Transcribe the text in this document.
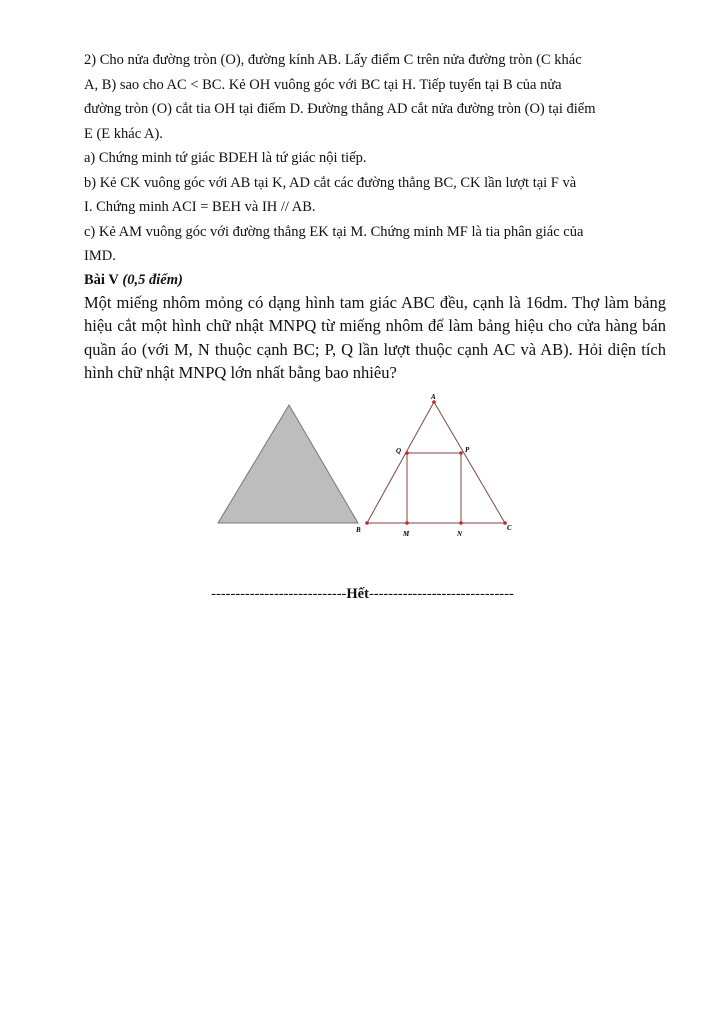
2) Cho nửa đường tròn (O), đường kính AB. Lấy điểm C trên nửa đường tròn (C khác

A, B) sao cho AC < BC. Kẻ OH vuông góc với BC tại H. Tiếp tuyến tại B của nửa

đường tròn (O) cắt tia OH tại điểm D. Đường thẳng AD cắt nửa đường tròn (O) tại điểm

E (E khác A).

a) Chứng minh tứ giác BDEH là tứ giác nội tiếp.

b) Kẻ CK vuông góc với AB tại K, AD cắt các đường thẳng BC, CK lần lượt tại F và

I. Chứng minh ACI = BEH và IH // AB.

c) Kẻ AM vuông góc với đường thẳng EK tại M. Chứng minh MF là tia phân giác của

IMD.

Bài V (0,5 điểm)

Một miếng nhôm mỏng có dạng hình tam giác ABC đều, cạnh là 16dm. Thợ làm bảng hiệu cắt một hình chữ nhật MNPQ từ miếng nhôm để làm bảng hiệu cho cửa hàng bán quần áo (với M, N thuộc cạnh BC; P, Q lần lượt thuộc cạnh AC và AB). Hỏi diện tích hình chữ nhật MNPQ lớn nhất bằng bao nhiêu?

A
B	C
M	N
P
Q
----------------------------Hết------------------------------
